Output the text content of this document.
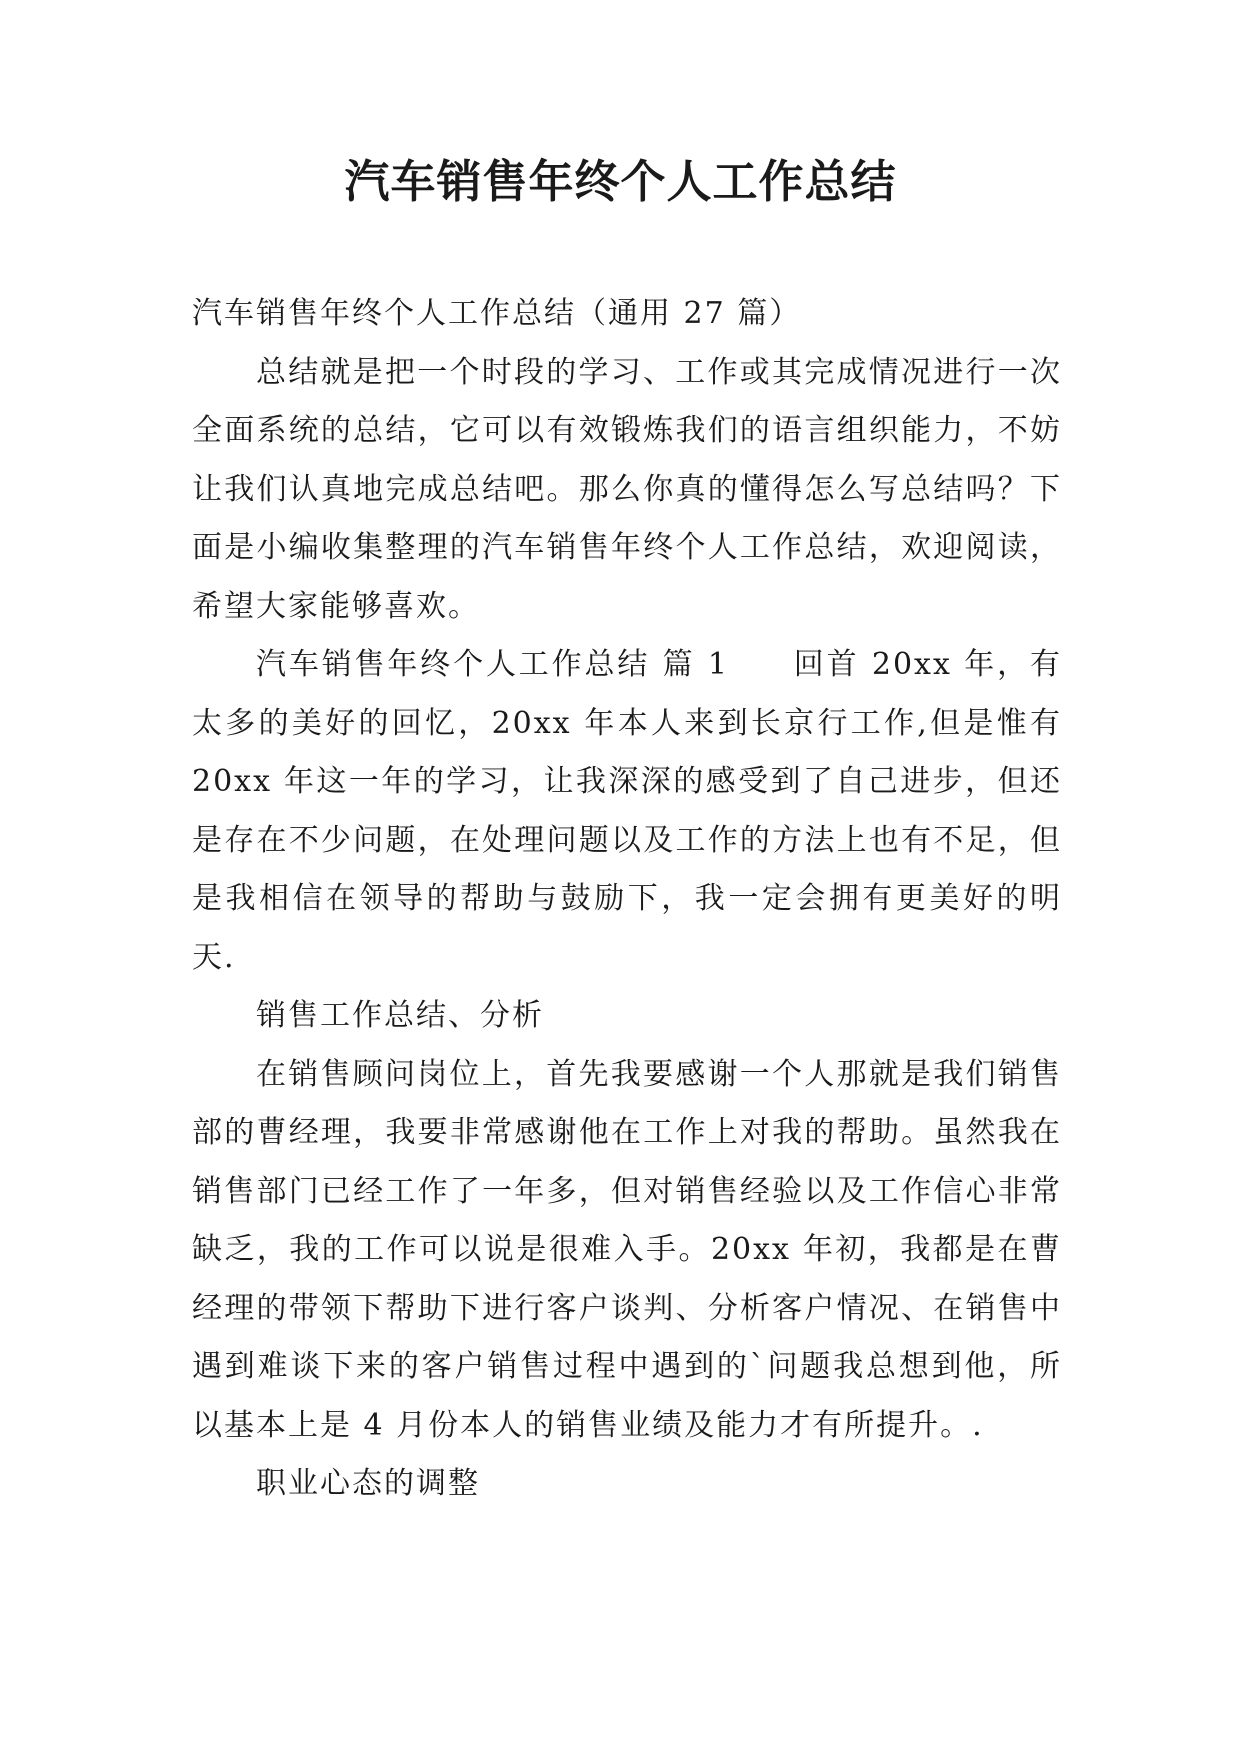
汽车销售年终个人工作总结

汽车销售年终个人工作总结（通用 27 篇）

总结就是把一个时段的学习、工作或其完成情况进行一次全面系统的总结，它可以有效锻炼我们的语言组织能力，不妨让我们认真地完成总结吧。那么你真的懂得怎么写总结吗？下面是小编收集整理的汽车销售年终个人工作总结，欢迎阅读，希望大家能够喜欢。

汽车销售年终个人工作总结 篇 1 回首 20xx 年，有太多的美好的回忆，20xx 年本人来到长京行工作,但是惟有 20xx 年这一年的学习，让我深深的感受到了自己进步，但还是存在不少问题，在处理问题以及工作的方法上也有不足，但是我相信在领导的帮助与鼓励下，我一定会拥有更美好的明天.

销售工作总结、分析

在销售顾问岗位上，首先我要感谢一个人那就是我们销售部的曹经理，我要非常感谢他在工作上对我的帮助。虽然我在销售部门已经工作了一年多，但对销售经验以及工作信心非常缺乏，我的工作可以说是很难入手。20xx 年初，我都是在曹经理的带领下帮助下进行客户谈判、分析客户情况、在销售中遇到难谈下来的客户销售过程中遇到的`问题我总想到他，所以基本上是 4 月份本人的销售业绩及能力才有所提升。.

职业心态的调整
